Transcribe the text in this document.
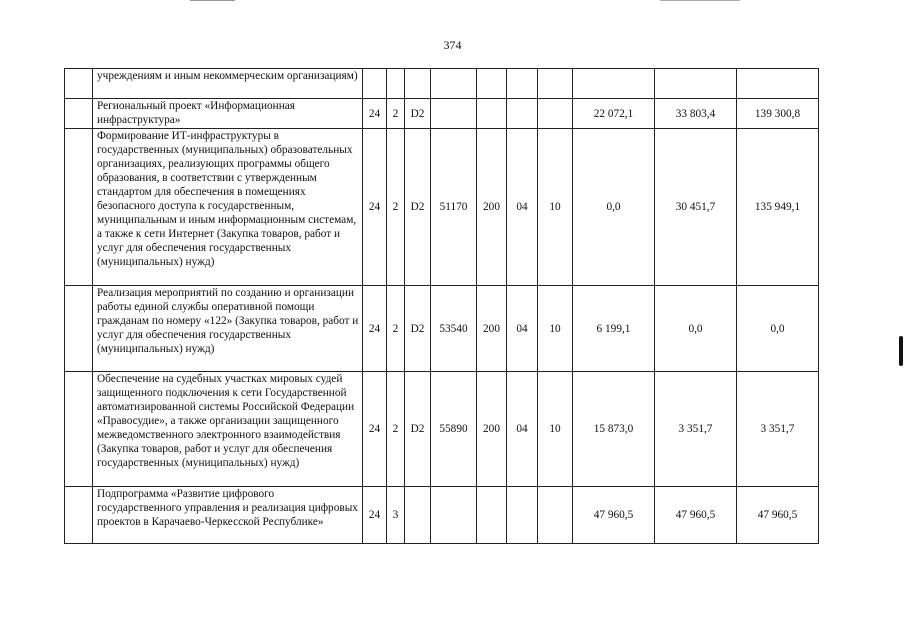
374
	учреждениям и иным некоммерческим организациям)										
	Региональный проект «Информационная инфраструктура»	24	2	D2					22 072,1	33 803,4	139 300,8
	Формирование ИТ-инфраструктуры в государственных (муниципальных) образовательных организациях, реализующих программы общего образования, в соответствии с утвержденным стандартом для обеспечения в помещениях безопасного доступа к государственным, муниципальным и иным информационным системам, а также к сети Интернет (Закупка товаров, работ и услуг для обеспечения государственных (муниципальных) нужд)	24	2	D2	51170	200	04	10	0,0	30 451,7	135 949,1
	Реализация мероприятий по созданию и организации работы единой службы оперативной помощи гражданам по номеру «122» (Закупка товаров, работ и услуг для обеспечения государственных (муниципальных) нужд)	24	2	D2	53540	200	04	10	6 199,1	0,0	0,0
	Обеспечение на судебных участках мировых судей защищенного подключения к сети Государственной автоматизированной системы Российской Федерации «Правосудие», а также организации защищенного межведомственного электронного взаимодействия (Закупка товаров, работ и услуг для обеспечения государственных (муниципальных) нужд)	24	2	D2	55890	200	04	10	15 873,0	3 351,7	3 351,7
	Подпрограмма «Развитие цифрового государственного управления и реализация цифровых проектов в Карачаево-Черкесской Республике»	24	3						47 960,5	47 960,5	47 960,5
